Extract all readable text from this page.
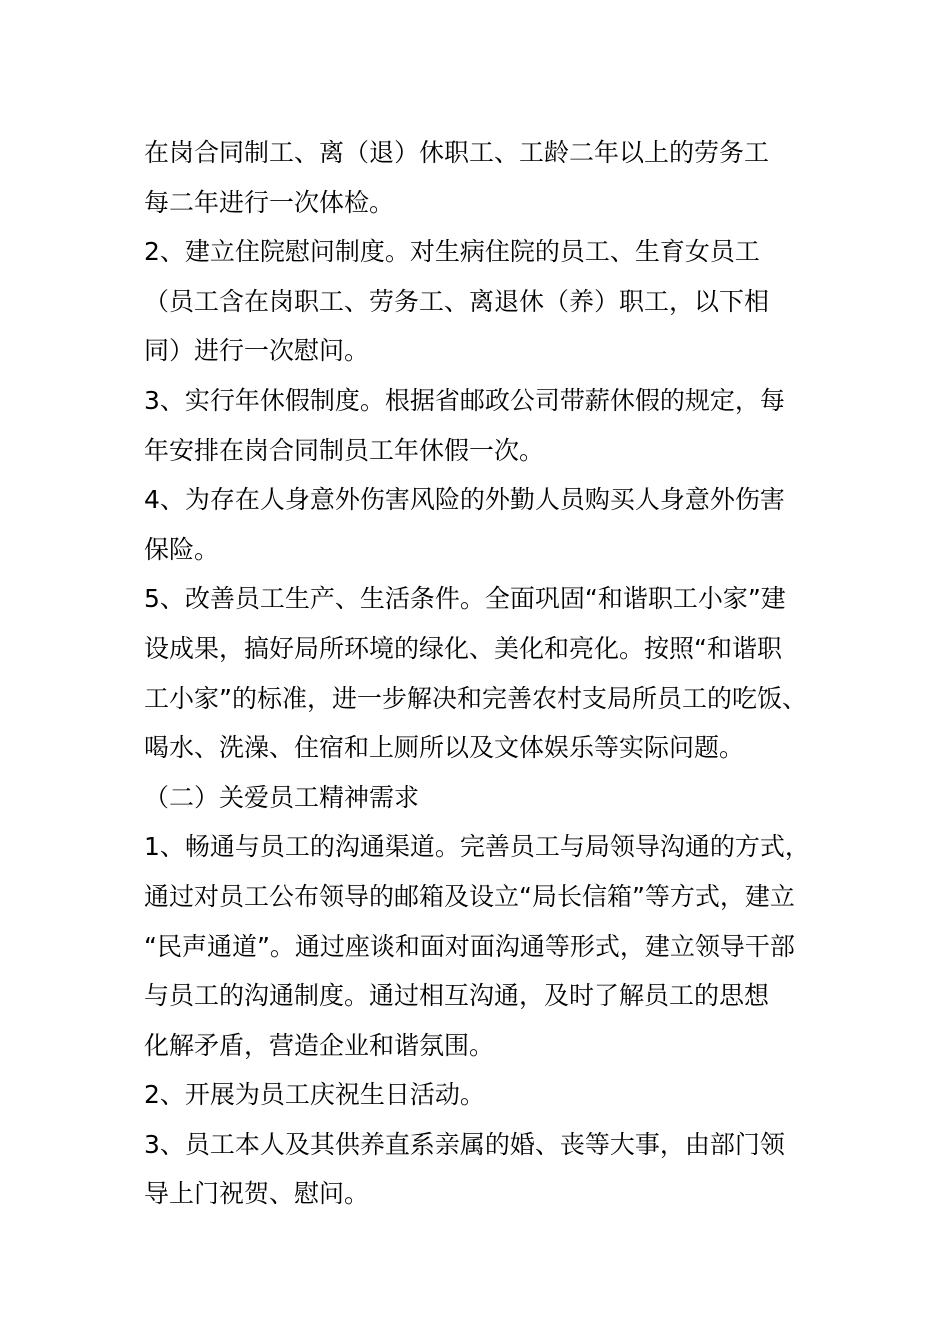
在岗合同制工、离（退）休职工、工龄二年以上的劳务工
每二年进行一次体检。
2、建立住院慰问制度。对生病住院的员工、生育女员工
（员工含在岗职工、劳务工、离退休（养）职工，以下相
同）进行一次慰问。
3、实行年休假制度。根据省邮政公司带薪休假的规定，每
年安排在岗合同制员工年休假一次。
4、为存在人身意外伤害风险的外勤人员购买人身意外伤害
保险。
5、改善员工生产、生活条件。全面巩固“和谐职工小家”建
设成果，搞好局所环境的绿化、美化和亮化。按照“和谐职
工小家”的标准，进一步解决和完善农村支局所员工的吃饭、
喝水、洗澡、住宿和上厕所以及文体娱乐等实际问题。
（二）关爱员工精神需求
1、畅通与员工的沟通渠道。完善员工与局领导沟通的方式，
通过对员工公布领导的邮箱及设立“局长信箱”等方式，建立
“民声通道”。通过座谈和面对面沟通等形式，建立领导干部
与员工的沟通制度。通过相互沟通，及时了解员工的思想
化解矛盾，营造企业和谐氛围。
2、开展为员工庆祝生日活动。
3、员工本人及其供养直系亲属的婚、丧等大事，由部门领
导上门祝贺、慰问。
